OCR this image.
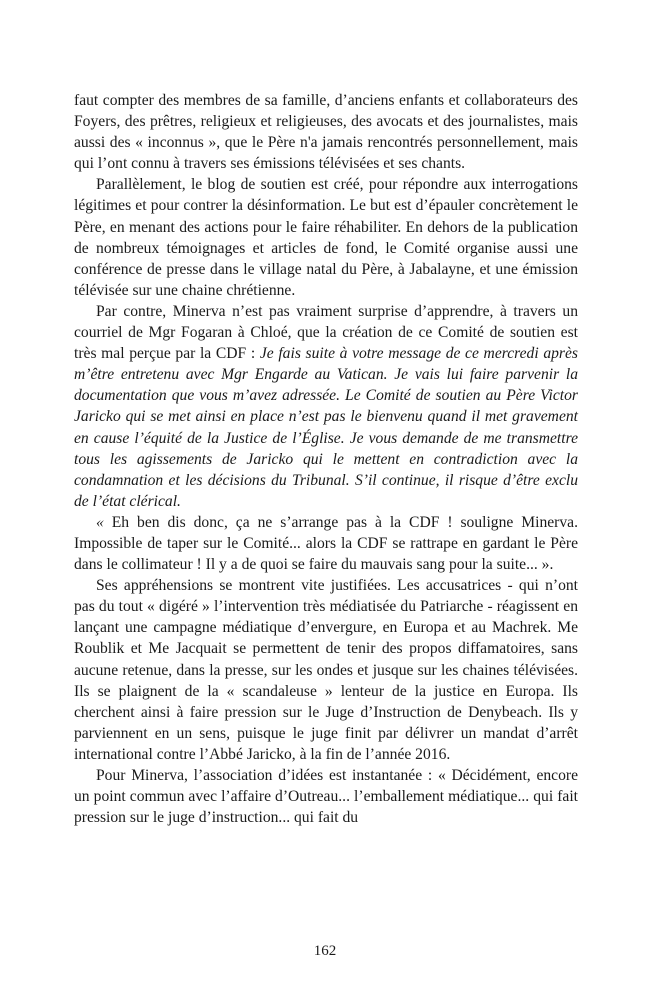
faut compter des membres de sa famille, d’anciens enfants et collaborateurs des Foyers, des prêtres, religieux et religieuses, des avocats et des journalistes, mais aussi des « inconnus », que le Père n'a jamais rencontrés personnellement, mais qui l’ont connu à travers ses émissions télévisées et ses chants.

Parallèlement, le blog de soutien est créé, pour répondre aux interrogations légitimes et pour contrer la désinformation. Le but est d’épauler concrètement le Père, en menant des actions pour le faire réhabiliter. En dehors de la publication de nombreux témoignages et articles de fond, le Comité organise aussi une conférence de presse dans le village natal du Père, à Jabalayne, et une émission télévisée sur une chaine chrétienne.

Par contre, Minerva n’est pas vraiment surprise d’apprendre, à travers un courriel de Mgr Fogaran à Chloé, que la création de ce Comité de soutien est très mal perçue par la CDF : Je fais suite à votre message de ce mercredi après m’être entretenu avec Mgr Engarde au Vatican. Je vais lui faire parvenir la documentation que vous m’avez adressée. Le Comité de soutien au Père Victor Jaricko qui se met ainsi en place n’est pas le bienvenu quand il met gravement en cause l’équité de la Justice de l’Église. Je vous demande de me transmettre tous les agissements de Jaricko qui le mettent en contradiction avec la condamnation et les décisions du Tribunal. S’il continue, il risque d’être exclu de l’état clérical.

« Eh ben dis donc, ça ne s’arrange pas à la CDF ! souligne Minerva. Impossible de taper sur le Comité... alors la CDF se rattrape en gardant le Père dans le collimateur ! Il y a de quoi se faire du mauvais sang pour la suite... ».

Ses appréhensions se montrent vite justifiées. Les accusatrices - qui n’ont pas du tout « digéré » l’intervention très médiatisée du Patriarche - réagissent en lançant une campagne médiatique d’envergure, en Europa et au Machrek. Me Roublik et Me Jacquait se permettent de tenir des propos diffamatoires, sans aucune retenue, dans la presse, sur les ondes et jusque sur les chaines télévisées. Ils se plaignent de la « scandaleuse » lenteur de la justice en Europa. Ils cherchent ainsi à faire pression sur le Juge d’Instruction de Denybeach. Ils y parviennent en un sens, puisque le juge finit par délivrer un mandat d’arrêt international contre l’Abbé Jaricko, à la fin de l’année 2016.

Pour Minerva, l’association d’idées est instantanée : « Décidément, encore un point commun avec l’affaire d’Outreau... l’emballement médiatique... qui fait pression sur le juge d’instruction... qui fait du

162
